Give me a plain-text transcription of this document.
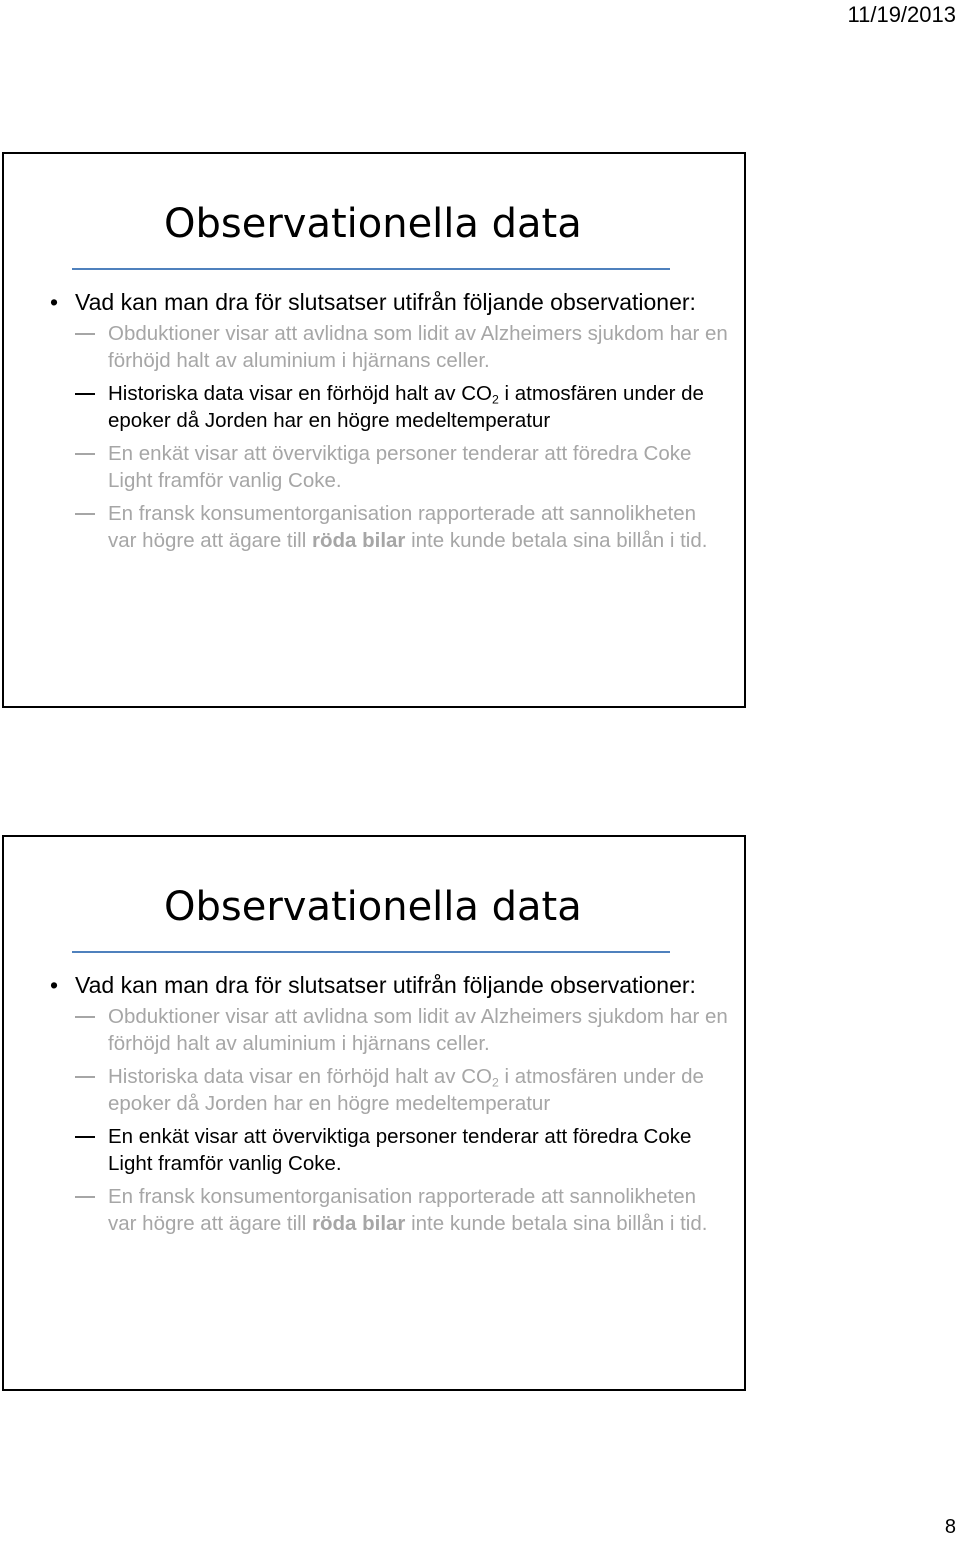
11/19/2013
Observationella data
• Vad kan man dra för slutsatser utifrån följande observationer:
Obduktioner visar att avlidna som lidit av Alzheimers sjukdom har en förhöjd halt av aluminium i hjärnans celler.
Historiska data visar en förhöjd halt av $CO_2$ i atmosfären under de epoker då Jorden har en högre medeltemperatur
En enkät visar att överviktiga personer tenderar att föredra Coke Light framför vanlig Coke.
En fransk konsumentorganisation rapporterade att sannolikheten var högre att ägare till röda bilar inte kunde betala sina billån i tid.
Observationella data
• Vad kan man dra för slutsatser utifrån följande observationer:
Obduktioner visar att avlidna som lidit av Alzheimers sjukdom har en förhöjd halt av aluminium i hjärnans celler.
Historiska data visar en förhöjd halt av $CO_2$ i atmosfären under de epoker då Jorden har en högre medeltemperatur
En enkät visar att överviktiga personer tenderar att föredra Coke Light framför vanlig Coke.
En fransk konsumentorganisation rapporterade att sannolikheten var högre att ägare till röda bilar inte kunde betala sina billån i tid.
8
